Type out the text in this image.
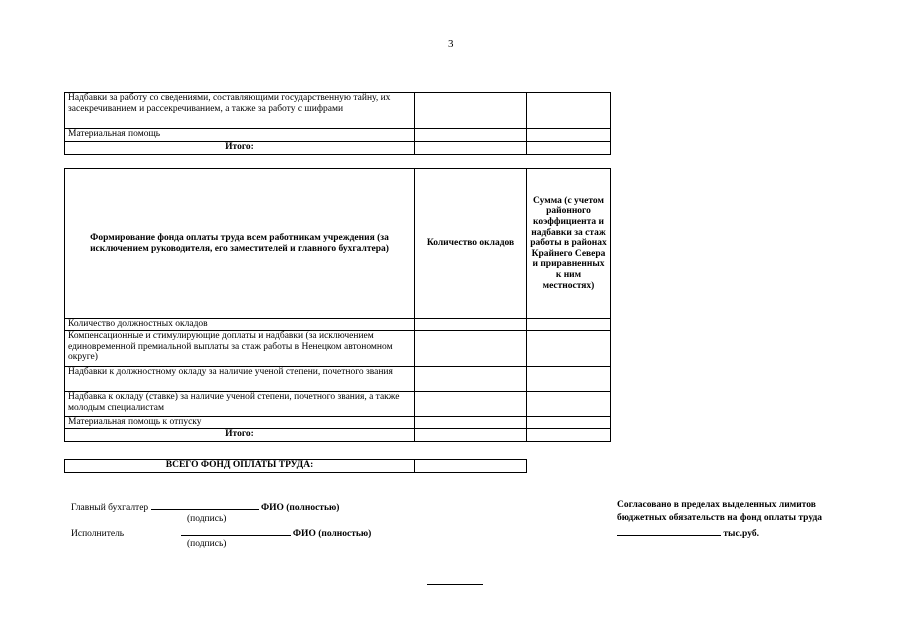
3
Надбавки за работу со сведениями, составляющими государственную тайну, их засекречиванием и рассекречиванием, а также за работу с шифрами		
Материальная помощь		
Итого:		
Формирование фонда оплаты труда всем работникам учреждения (за исключением руководителя, его заместителей и главного бухгалтера)	Количество окладов	Сумма (с учетом районного коэффициента и надбавки за стаж работы в районах Крайнего Севера и приравненных к ним местностях)
Количество должностных окладов		
Компенсационные и стимулирующие доплаты и надбавки (за исключением единовременной премиальной выплаты за стаж работы в Ненецком автономном округе)		
Надбавки к должностному окладу за наличие ученой степени, почетного звания		
Надбавка к окладу (ставке) за наличие ученой степени, почетного звания, а также молодым специалистам		
Материальная помощь к отпуску		
Итого:		
ВСЕГО ФОНД ОПЛАТЫ ТРУДА:	
Главный бухгалтер	ФИО (полностью)
(подпись)
Исполнитель	ФИО (полностью)
(подпись)
Согласовано в пределах выделенных лимитов
бюджетных обязательств на фонд оплаты труда
тыс.руб.
